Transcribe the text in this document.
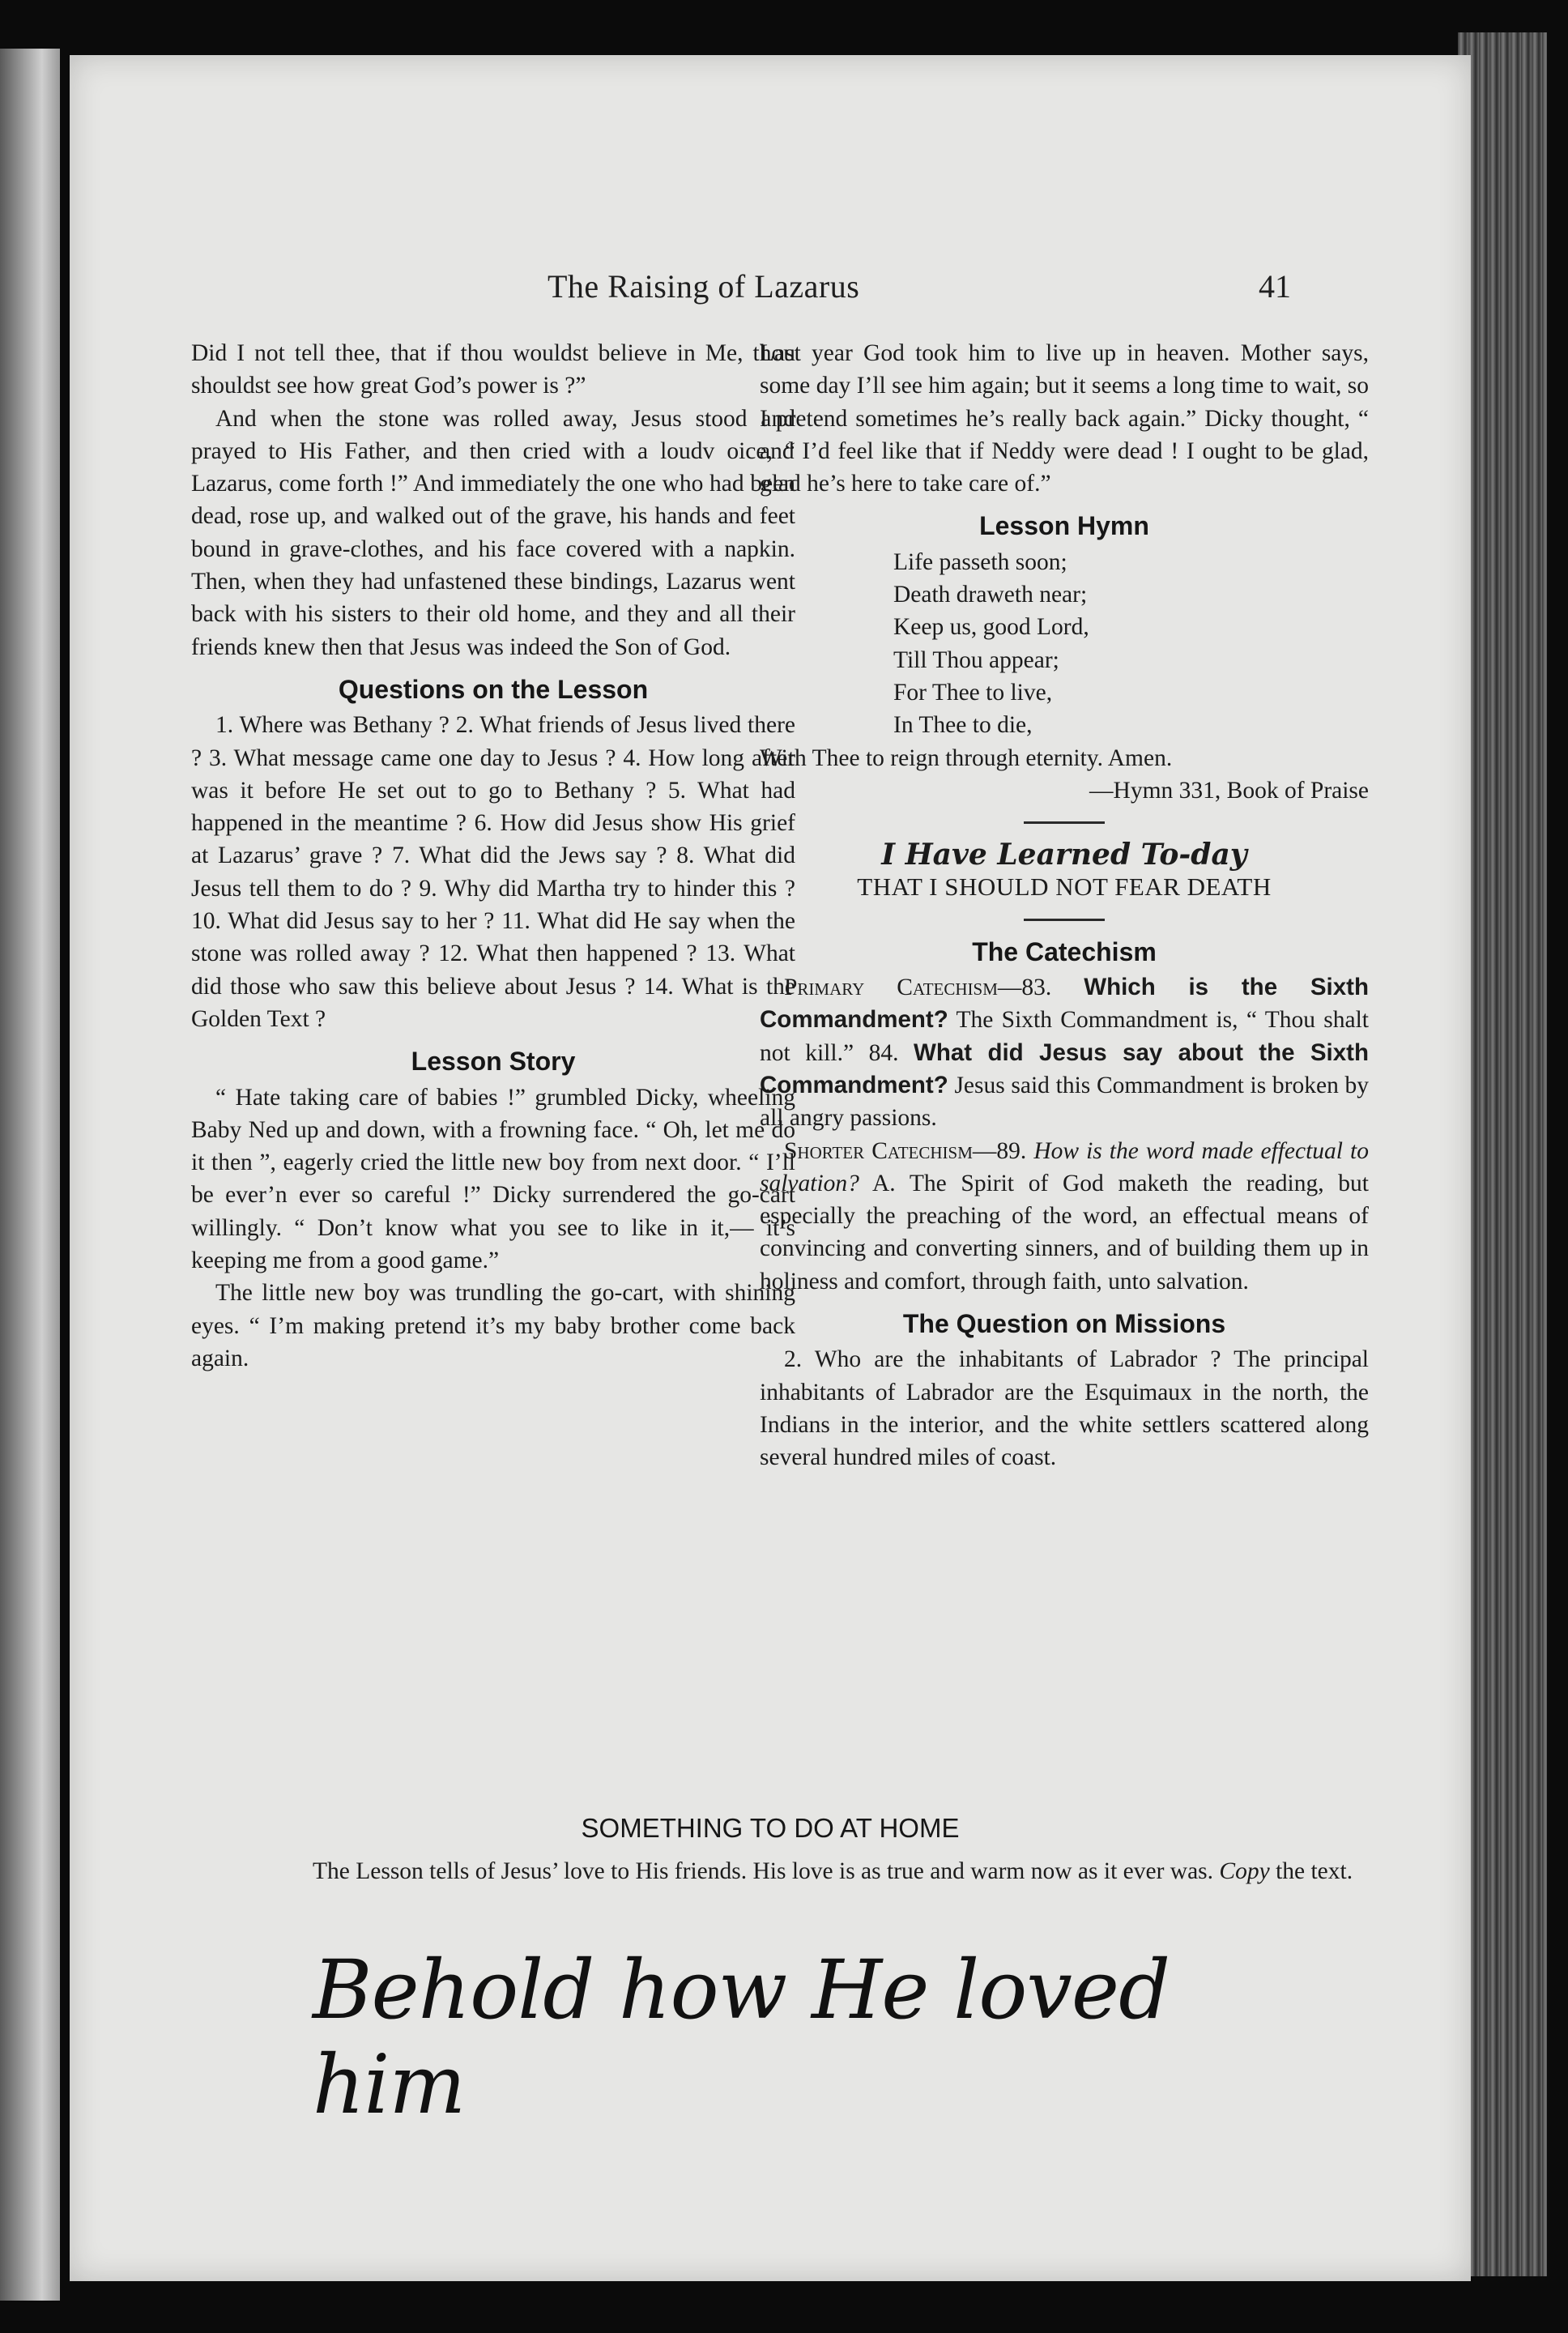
The Raising of Lazarus	41

Did I not tell thee, that if thou wouldst believe in Me, thou shouldst see how great God’s power is ?”

And when the stone was rolled away, Jesus stood and prayed to His Father, and then cried with a loudv oice, “ Lazarus, come forth !” And immediately the one who had been dead, rose up, and walked out of the grave, his hands and feet bound in grave-clothes, and his face covered with a napkin. Then, when they had unfastened these bindings, Lazarus went back with his sisters to their old home, and they and all their friends knew then that Jesus was indeed the Son of God.

Questions on the Lesson

1. Where was Bethany ? 2. What friends of Jesus lived there ? 3. What message came one day to Jesus ? 4. How long after was it before He set out to go to Bethany ? 5. What had happened in the meantime ? 6. How did Jesus show His grief at Lazarus’ grave ? 7. What did the Jews say ? 8. What did Jesus tell them to do ? 9. Why did Martha try to hinder this ? 10. What did Jesus say to her ? 11. What did He say when the stone was rolled away ? 12. What then happened ? 13. What did those who saw this believe about Jesus ? 14. What is the Golden Text ?

Lesson Story

“ Hate taking care of babies !” grumbled Dicky, wheeling Baby Ned up and down, with a frowning face. “ Oh, let me do it then ”, eagerly cried the little new boy from next door. “ I’ll be ever’n ever so careful !” Dicky surrendered the go-cart willingly. “ Don’t know what you see to like in it,— it’s keeping me from a good game.”

The little new boy was trundling the go-cart, with shining eyes. “ I’m making pretend it’s my baby brother come back again.

Last year God took him to live up in heaven. Mother says, some day I’ll see him again; but it seems a long time to wait, so I pretend sometimes he’s really back again.” Dicky thought, “ and I’d feel like that if Neddy were dead ! I ought to be glad, glad he’s here to take care of.”

Lesson Hymn
Life passeth soon;
Death draweth near;
Keep us, good Lord,
Till Thou appear;
For Thee to live,
In Thee to die,
With Thee to reign through eternity. Amen.
—Hymn 331, Book of Praise
I Have Learned To-day
THAT I SHOULD NOT FEAR DEATH
The Catechism

Primary Catechism—83. Which is the Sixth Commandment? The Sixth Commandment is, “ Thou shalt not kill.” 84. What did Jesus say about the Sixth Commandment? Jesus said this Commandment is broken by all angry passions.

Shorter Catechism—89. How is the word made effectual to salvation? A. The Spirit of God maketh the reading, but especially the preaching of the word, an effectual means of convincing and converting sinners, and of building them up in holiness and comfort, through faith, unto salvation.

The Question on Missions

2. Who are the inhabitants of Labrador ? The principal inhabitants of Labrador are the Esquimaux in the north, the Indians in the interior, and the white settlers scattered along several hundred miles of coast.

SOMETHING TO DO AT HOME

The Lesson tells of Jesus’ love to His friends. His love is as true and warm now as it ever was. Copy the text.

Behold how He loved him
